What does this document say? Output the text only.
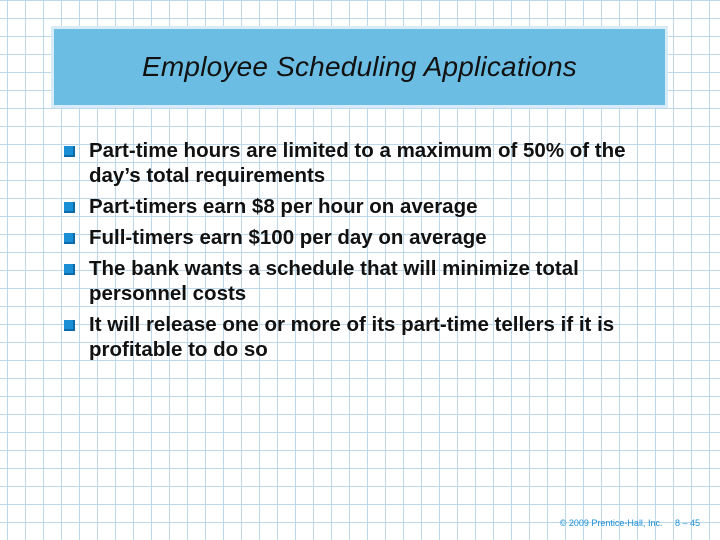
Employee Scheduling Applications
Part-time hours are limited to a maximum of 50% of the day’s total requirements
Part-timers earn $8 per hour on average
Full-timers earn $100 per day on average
The bank wants a schedule that will minimize total personnel costs
It will release one or more of its part-time tellers if it is profitable to do so
© 2009 Prentice-Hall, Inc. 8 – 45
